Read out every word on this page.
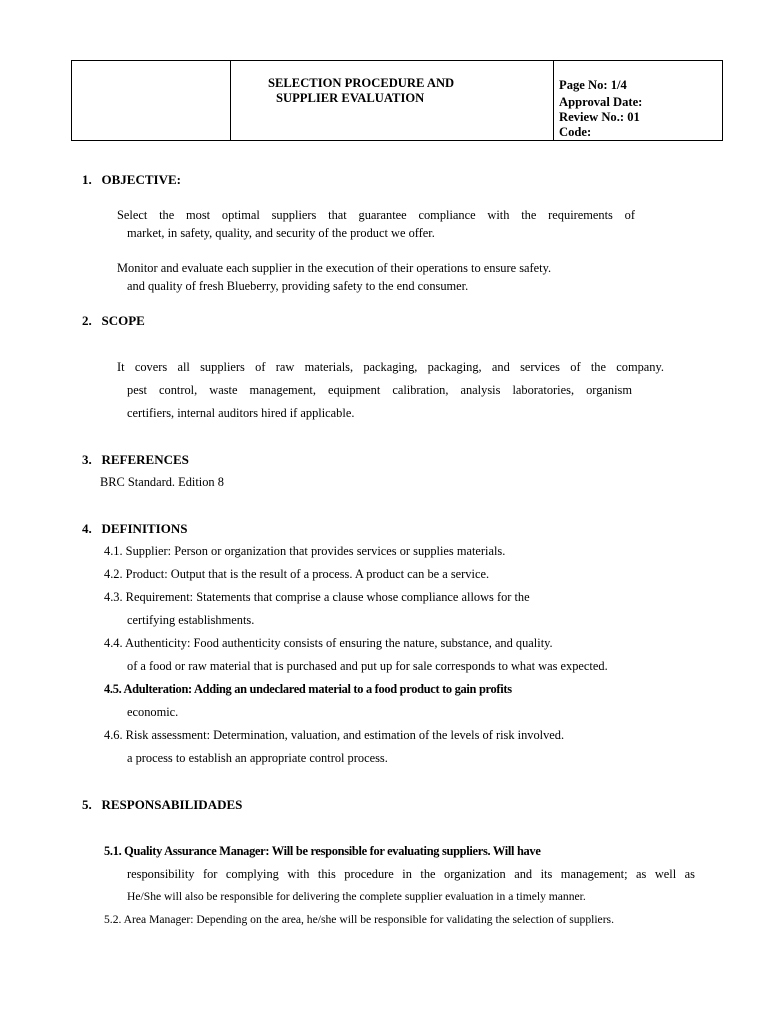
SELECTION PROCEDURE AND
SUPPLIER EVALUATION
Page No: 1/4
Approval Date:
Review No.: 01
Code:
1.   OBJECTIVE:
Select the most optimal suppliers that guarantee compliance with the requirements of
market, in safety, quality, and security of the product we offer.
Monitor and evaluate each supplier in the execution of their operations to ensure safety.
and quality of fresh Blueberry, providing safety to the end consumer.
2.   SCOPE
It covers all suppliers of raw materials, packaging, packaging, and services of the company.
pest control, waste management, equipment calibration, analysis laboratories, organism
certifiers, internal auditors hired if applicable.
3.   REFERENCES
BRC Standard. Edition 8
4.   DEFINITIONS
4.1. Supplier: Person or organization that provides services or supplies materials.
4.2. Product: Output that is the result of a process. A product can be a service.
4.3. Requirement: Statements that comprise a clause whose compliance allows for the
certifying establishments.
4.4. Authenticity: Food authenticity consists of ensuring the nature, substance, and quality.
of a food or raw material that is purchased and put up for sale corresponds to what was expected.
4.5. Adulteration: Adding an undeclared material to a food product to gain profits
economic.
4.6. Risk assessment: Determination, valuation, and estimation of the levels of risk involved.
a process to establish an appropriate control process.
5.   RESPONSABILIDADES
5.1. Quality Assurance Manager: Will be responsible for evaluating suppliers. Will have
responsibility for complying with this procedure in the organization and its management; as well as
He/She will also be responsible for delivering the complete supplier evaluation in a timely manner.
5.2. Area Manager: Depending on the area, he/she will be responsible for validating the selection of suppliers.
